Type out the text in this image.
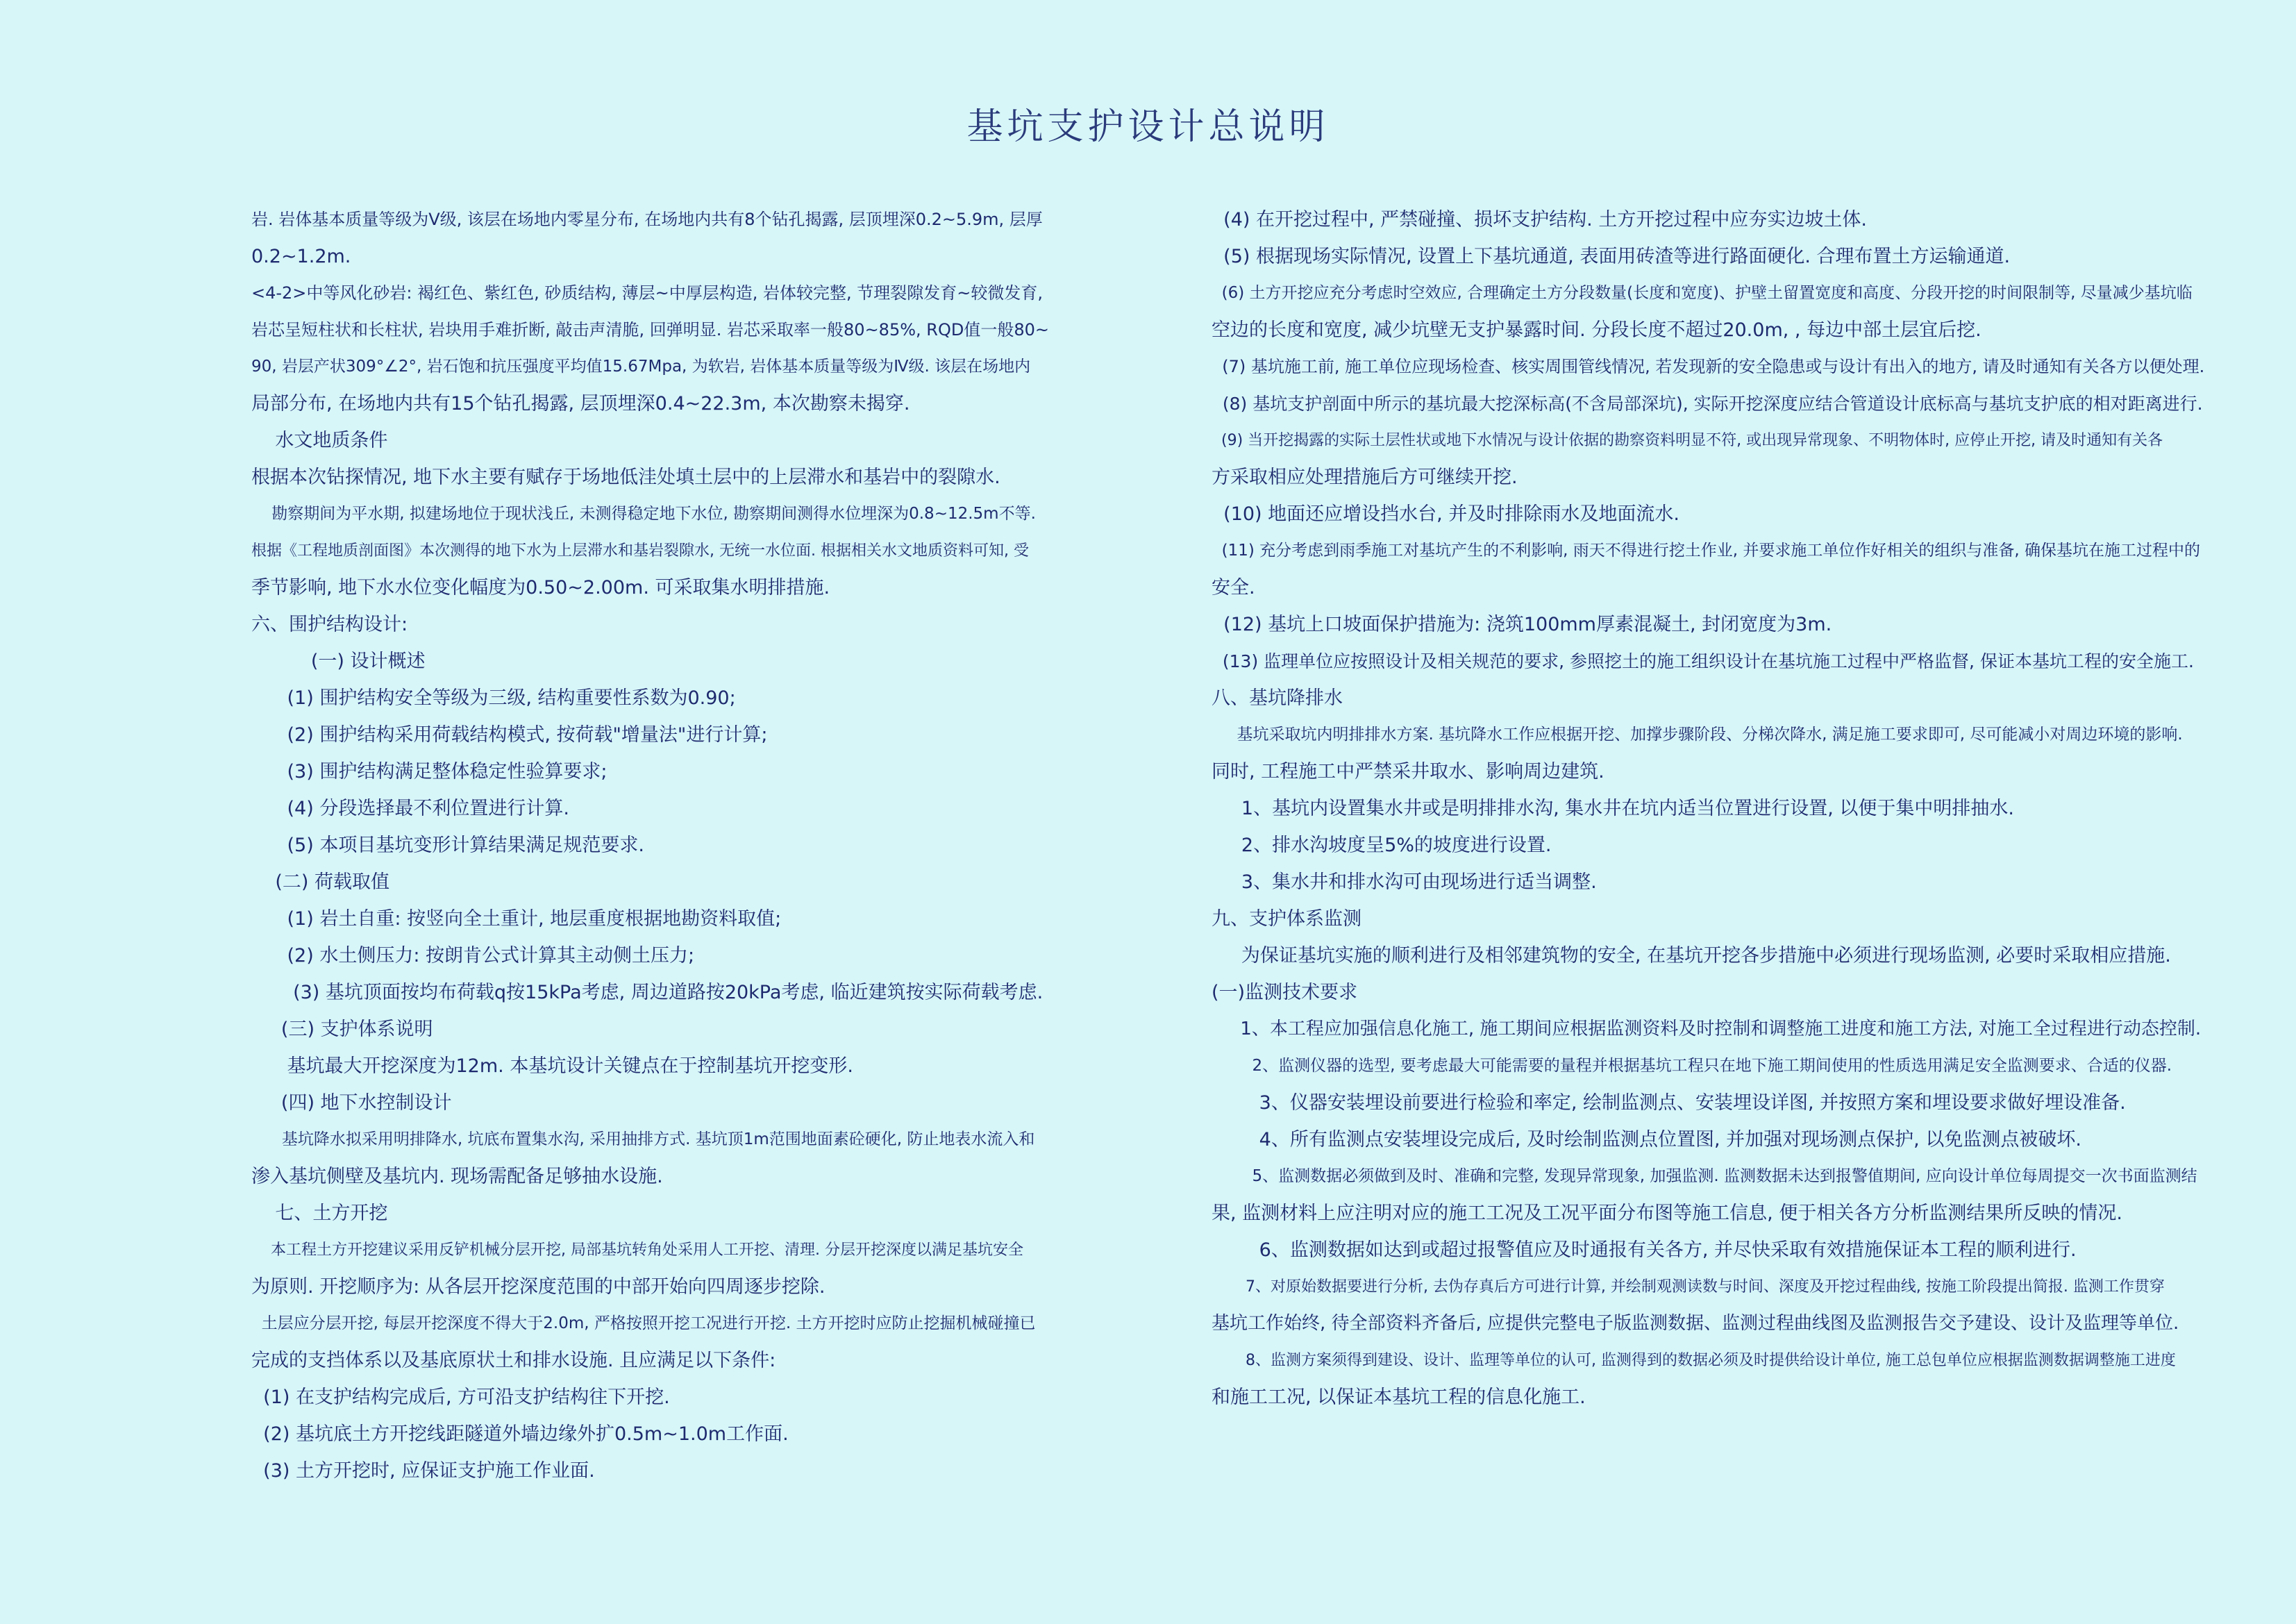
基坑支护设计总说明
岩. 岩体基本质量等级为V级, 该层在场地内零星分布, 在场地内共有8个钻孔揭露, 层顶埋深0.2~5.9m, 层厚
0.2~1.2m.
<4-2>中等风化砂岩: 褐红色、紫红色, 砂质结构, 薄层~中厚层构造, 岩体较完整, 节理裂隙发育~较微发育,
岩芯呈短柱状和长柱状, 岩块用手难折断, 敲击声清脆, 回弹明显. 岩芯采取率一般80~85%, RQD值一般80~
90, 岩层产状309°∠2°, 岩石饱和抗压强度平均值15.67Mpa, 为软岩, 岩体基本质量等级为Ⅳ级. 该层在场地内
局部分布, 在场地内共有15个钻孔揭露, 层顶埋深0.4~22.3m, 本次勘察未揭穿.
水文地质条件
根据本次钻探情况, 地下水主要有赋存于场地低洼处填土层中的上层滞水和基岩中的裂隙水.
勘察期间为平水期, 拟建场地位于现状浅丘, 未测得稳定地下水位, 勘察期间测得水位埋深为0.8~12.5m不等.
根据《工程地质剖面图》本次测得的地下水为上层滞水和基岩裂隙水, 无统一水位面. 根据相关水文地质资料可知, 受
季节影响, 地下水水位变化幅度为0.50~2.00m. 可采取集水明排措施.
六、围护结构设计:
(一) 设计概述
(1) 围护结构安全等级为三级, 结构重要性系数为0.90;
(2) 围护结构采用荷载结构模式, 按荷载"增量法"进行计算;
(3) 围护结构满足整体稳定性验算要求;
(4) 分段选择最不利位置进行计算.
(5) 本项目基坑变形计算结果满足规范要求.
(二) 荷载取值
(1) 岩土自重: 按竖向全土重计, 地层重度根据地勘资料取值;
(2) 水土侧压力: 按朗肯公式计算其主动侧土压力;
(3) 基坑顶面按均布荷载q按15kPa考虑, 周边道路按20kPa考虑, 临近建筑按实际荷载考虑.
(三) 支护体系说明
基坑最大开挖深度为12m. 本基坑设计关键点在于控制基坑开挖变形.
(四) 地下水控制设计
基坑降水拟采用明排降水, 坑底布置集水沟, 采用抽排方式. 基坑顶1m范围地面素砼硬化, 防止地表水流入和
渗入基坑侧壁及基坑内. 现场需配备足够抽水设施.
七、土方开挖
本工程土方开挖建议采用反铲机械分层开挖, 局部基坑转角处采用人工开挖、清理. 分层开挖深度以满足基坑安全
为原则. 开挖顺序为: 从各层开挖深度范围的中部开始向四周逐步挖除.
土层应分层开挖, 每层开挖深度不得大于2.0m, 严格按照开挖工况进行开挖. 土方开挖时应防止挖掘机械碰撞已
完成的支挡体系以及基底原状土和排水设施. 且应满足以下条件:
(1) 在支护结构完成后, 方可沿支护结构往下开挖.
(2) 基坑底土方开挖线距隧道外墙边缘外扩0.5m~1.0m工作面.
(3) 土方开挖时, 应保证支护施工作业面.
(4) 在开挖过程中, 严禁碰撞、损坏支护结构. 土方开挖过程中应夯实边坡土体.
(5) 根据现场实际情况, 设置上下基坑通道, 表面用砖渣等进行路面硬化. 合理布置土方运输通道.
(6) 土方开挖应充分考虑时空效应, 合理确定土方分段数量(长度和宽度)、护壁土留置宽度和高度、分段开挖的时间限制等, 尽量减少基坑临
空边的长度和宽度, 减少坑壁无支护暴露时间. 分段长度不超过20.0m, , 每边中部土层宜后挖.
(7) 基坑施工前, 施工单位应现场检查、核实周围管线情况, 若发现新的安全隐患或与设计有出入的地方, 请及时通知有关各方以便处理.
(8) 基坑支护剖面中所示的基坑最大挖深标高(不含局部深坑), 实际开挖深度应结合管道设计底标高与基坑支护底的相对距离进行.
(9) 当开挖揭露的实际土层性状或地下水情况与设计依据的勘察资料明显不符, 或出现异常现象、不明物体时, 应停止开挖, 请及时通知有关各
方采取相应处理措施后方可继续开挖.
(10) 地面还应增设挡水台, 并及时排除雨水及地面流水.
(11) 充分考虑到雨季施工对基坑产生的不利影响, 雨天不得进行挖土作业, 并要求施工单位作好相关的组织与准备, 确保基坑在施工过程中的
安全.
(12) 基坑上口坡面保护措施为: 浇筑100mm厚素混凝土, 封闭宽度为3m.
(13) 监理单位应按照设计及相关规范的要求, 参照挖土的施工组织设计在基坑施工过程中严格监督, 保证本基坑工程的安全施工.
八、基坑降排水
基坑采取坑内明排排水方案. 基坑降水工作应根据开挖、加撑步骤阶段、分梯次降水, 满足施工要求即可, 尽可能减小对周边环境的影响.
同时, 工程施工中严禁采井取水、影响周边建筑.
1、基坑内设置集水井或是明排排水沟, 集水井在坑内适当位置进行设置, 以便于集中明排抽水.
2、排水沟坡度呈5%的坡度进行设置.
3、集水井和排水沟可由现场进行适当调整.
九、支护体系监测
为保证基坑实施的顺利进行及相邻建筑物的安全, 在基坑开挖各步措施中必须进行现场监测, 必要时采取相应措施.
(一)监测技术要求
1、本工程应加强信息化施工, 施工期间应根据监测资料及时控制和调整施工进度和施工方法, 对施工全过程进行动态控制.
2、监测仪器的选型, 要考虑最大可能需要的量程并根据基坑工程只在地下施工期间使用的性质选用满足安全监测要求、合适的仪器.
3、仪器安装埋设前要进行检验和率定, 绘制监测点、安装埋设详图, 并按照方案和埋设要求做好埋设准备.
4、所有监测点安装埋设完成后, 及时绘制监测点位置图, 并加强对现场测点保护, 以免监测点被破坏.
5、监测数据必须做到及时、准确和完整, 发现异常现象, 加强监测. 监测数据未达到报警值期间, 应向设计单位每周提交一次书面监测结
果, 监测材料上应注明对应的施工工况及工况平面分布图等施工信息, 便于相关各方分析监测结果所反映的情况.
6、监测数据如达到或超过报警值应及时通报有关各方, 并尽快采取有效措施保证本工程的顺利进行.
7、对原始数据要进行分析, 去伪存真后方可进行计算, 并绘制观测读数与时间、深度及开挖过程曲线, 按施工阶段提出简报. 监测工作贯穿
基坑工作始终, 待全部资料齐备后, 应提供完整电子版监测数据、监测过程曲线图及监测报告交予建设、设计及监理等单位.
8、监测方案须得到建设、设计、监理等单位的认可, 监测得到的数据必须及时提供给设计单位, 施工总包单位应根据监测数据调整施工进度
和施工工况, 以保证本基坑工程的信息化施工.
